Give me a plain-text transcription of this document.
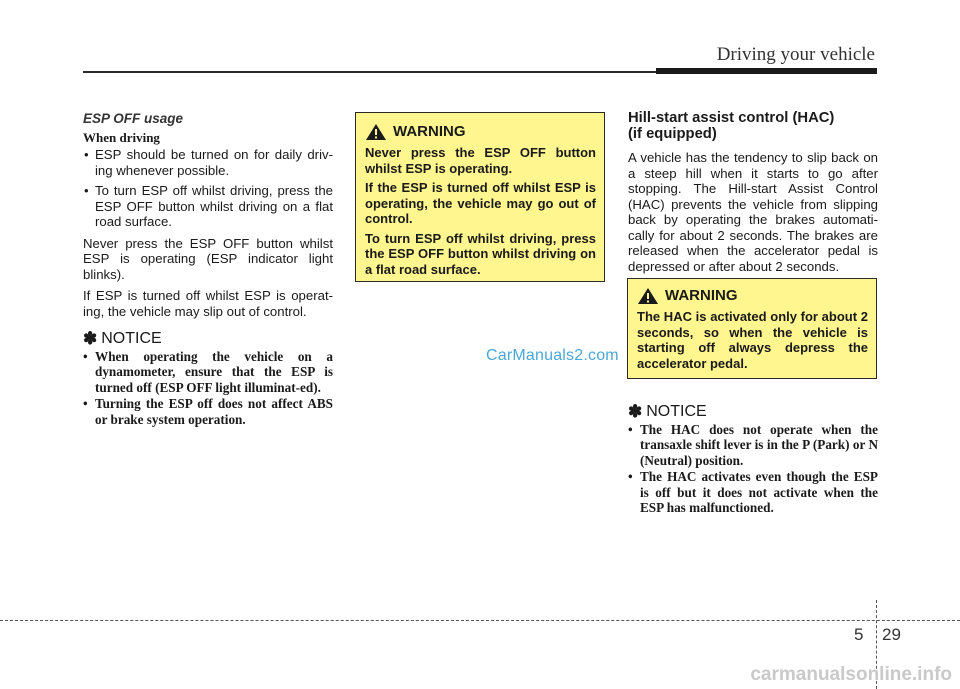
Driving your vehicle
ESP OFF usage
When driving
• ESP should be turned on for daily driv-ing whenever possible.
• To turn ESP off whilst driving, press the ESP OFF button whilst driving on a flat road surface.

Never press the ESP OFF button whilst ESP is operating (ESP indicator light blinks).

If ESP is turned off whilst ESP is operat-ing, the vehicle may slip out of control.

✽ NOTICE
• When operating the vehicle on a dynamometer, ensure that the ESP is turned off (ESP OFF light illuminat-ed).
• Turning the ESP off does not affect ABS or brake system operation.
WARNING

Never press the ESP OFF button whilst ESP is operating.

If the ESP is turned off whilst ESP is operating, the vehicle may go out of control.

To turn ESP off whilst driving, press the ESP OFF button whilst driving on a flat road surface.

Hill-start assist control (HAC)
(if equipped)

A vehicle has the tendency to slip back on a steep hill when it starts to go after stopping. The Hill-start Assist Control (HAC) prevents the vehicle from slipping back by operating the brakes automati-cally for about 2 seconds. The brakes are released when the accelerator pedal is depressed or after about 2 seconds.

WARNING

The HAC is activated only for about 2 seconds, so when the vehicle is starting off always depress the accelerator pedal.

✽ NOTICE
• The HAC does not operate when the transaxle shift lever is in the P (Park) or N (Neutral) position.
• The HAC activates even though the ESP is off but it does not activate when the ESP has malfunctioned.
CarManuals2.com
5 29
carmanualsonline.info
